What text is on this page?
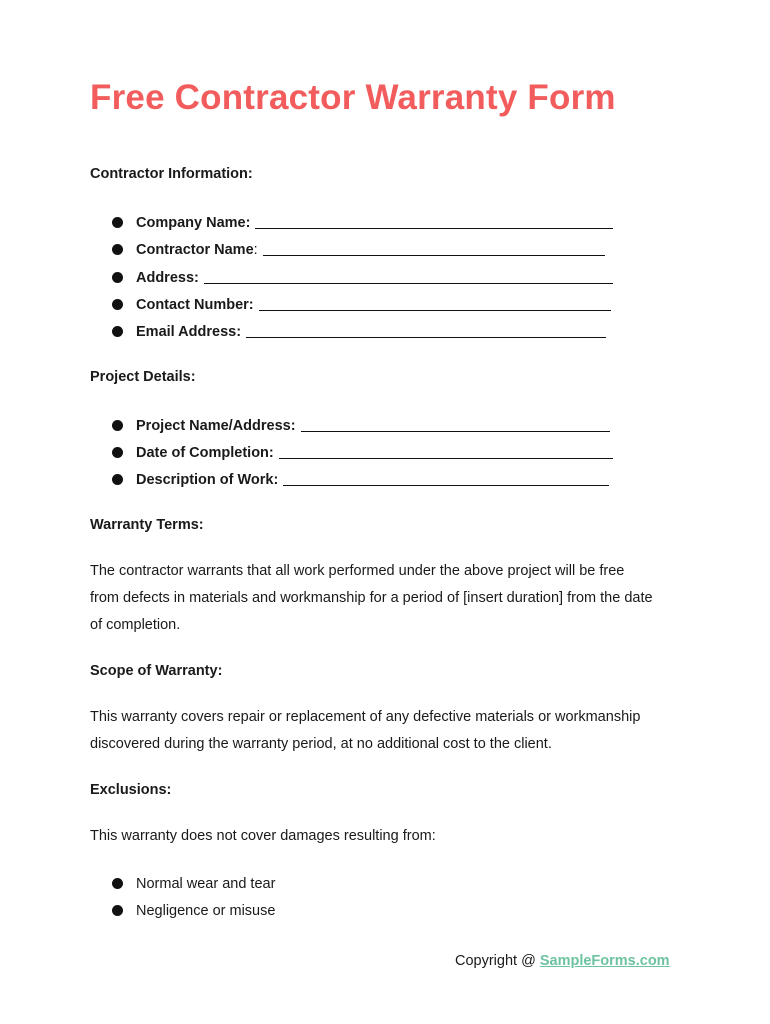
Free Contractor Warranty Form
Contractor Information:
Company Name:
Contractor Name :
Address:
Contact Number:
Email Address:
Project Details:
Project Name/Address:
Date of Completion:
Description of Work:
Warranty Terms:
The contractor warrants that all work performed under the above project will be free
from defects in materials and workmanship for a period of [insert duration] from the date
of completion.
Scope of Warranty:
This warranty covers repair or replacement of any defective materials or workmanship
discovered during the warranty period, at no additional cost to the client.
Exclusions:
This warranty does not cover damages resulting from:
Normal wear and tear
Negligence or misuse
Copyright @ SampleForms.com
